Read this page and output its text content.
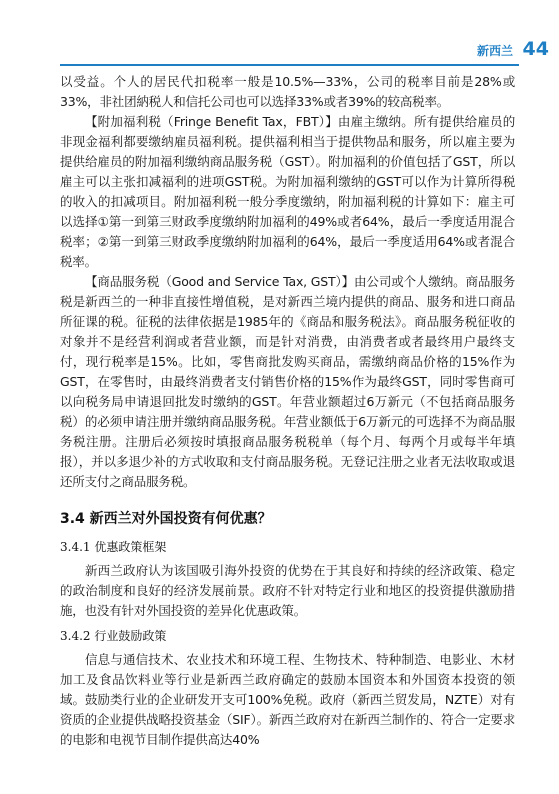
新西兰 44

以受益。个人的居民代扣税率一般是10.5%—33%，公司的税率目前是28%或33%，非社团納税人和信托公司也可以选择33%或者39%的较高税率。

【附加福利税（Fringe Benefit Tax，FBT）】由雇主缴纳。所有提供给雇员的非现金福利都要缴纳雇员福利税。提供福利相当于提供物品和服务，所以雇主要为提供给雇员的附加福利缴纳商品服务税（GST）。附加福利的价值包括了GST，所以雇主可以主张扣减福利的进项GST税。为附加福利缴纳的GST可以作为计算所得税的收入的扣减项目。附加福利税一般分季度缴纳，附加福利税的计算如下：雇主可以选择①第一到第三财政季度缴纳附加福利的49%或者64%，最后一季度适用混合税率；②第一到第三财政季度缴纳附加福利的64%，最后一季度适用64%或者混合税率。

【商品服务税（Good and Service Tax, GST）】由公司或个人缴纳。商品服务税是新西兰的一种非直接性增值税，是对新西兰境内提供的商品、服务和进口商品所征课的税。征税的法律依据是1985年的《商品和服务税法》。商品服务税征收的对象并不是经营利润或者营业额，而是针对消费，由消费者或者最终用户最终支付，现行税率是15%。比如，零售商批发购买商品，需缴纳商品价格的15%作为GST，在零售时，由最终消费者支付销售价格的15%作为最终GST，同时零售商可以向税务局申请退回批发时缴纳的GST。年营业额超过6万新元（不包括商品服务税）的必须申请注册并缴纳商品服务税。年营业额低于6万新元的可选择不为商品服务税注册。注册后必须按时填报商品服务税税单（每个月、每两个月或每半年填报），并以多退少补的方式收取和支付商品服务税。无登记注册之业者无法收取或退还所支付之商品服务税。

3.4 新西兰对外国投资有何优惠？
3.4.1 优惠政策框架

新西兰政府认为该国吸引海外投资的优势在于其良好和持续的经济政策、稳定的政治制度和良好的经济发展前景。政府不针对特定行业和地区的投资提供激励措施，也没有针对外国投资的差异化优惠政策。

3.4.2 行业鼓励政策

信息与通信技术、农业技术和环境工程、生物技术、特种制造、电影业、木材加工及食品饮料业等行业是新西兰政府确定的鼓励本国资本和外国资本投资的领域。鼓励类行业的企业研发开支可100%免税。政府（新西兰贸发局，NZTE）对有资质的企业提供战略投资基金（SIF）。新西兰政府对在新西兰制作的、符合一定要求的电影和电视节目制作提供高达40%
